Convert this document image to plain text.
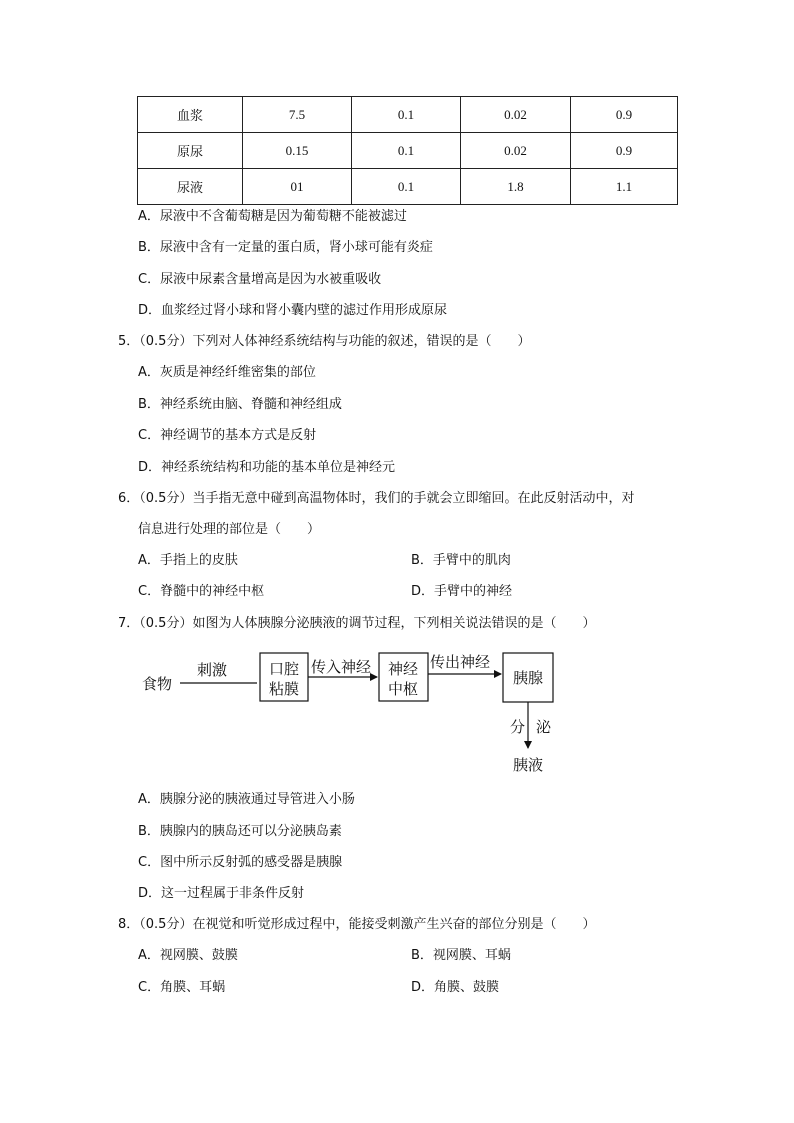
血浆	7.5	0.1	0.02	0.9
原尿	0.15	0.1	0.02	0.9
尿液	01	0.1	1.8	1.1
A．尿液中不含葡萄糖是因为葡萄糖不能被滤过
B．尿液中含有一定量的蛋白质，肾小球可能有炎症
C．尿液中尿素含量增高是因为水被重吸收
D．血浆经过肾小球和肾小囊内壁的滤过作用形成原尿
5．（0.5分）下列对人体神经系统结构与功能的叙述，错误的是（　　）
A．灰质是神经纤维密集的部位
B．神经系统由脑、脊髓和神经组成
C．神经调节的基本方式是反射
D．神经系统结构和功能的基本单位是神经元
6．（0.5分）当手指无意中碰到高温物体时，我们的手就会立即缩回。在此反射活动中，对
信息进行处理的部位是（　　）
A．手指上的皮肤	B．手臂中的肌肉
C．脊髓中的神经中枢	D．手臂中的神经
7．（0.5分）如图为人体胰腺分泌胰液的调节过程，下列相关说法错误的是（　　）
食物
刺激	口腔
粘膜
传入神经 神经
中枢
传出神经
胰腺
分 泌
胰液
A．胰腺分泌的胰液通过导管进入小肠
B．胰腺内的胰岛还可以分泌胰岛素
C．图中所示反射弧的感受器是胰腺
D．这一过程属于非条件反射
8．（0.5分）在视觉和听觉形成过程中，能接受刺激产生兴奋的部位分别是（　　）
A．视网膜、鼓膜	B．视网膜、耳蜗
C．角膜、耳蜗	D．角膜、鼓膜
